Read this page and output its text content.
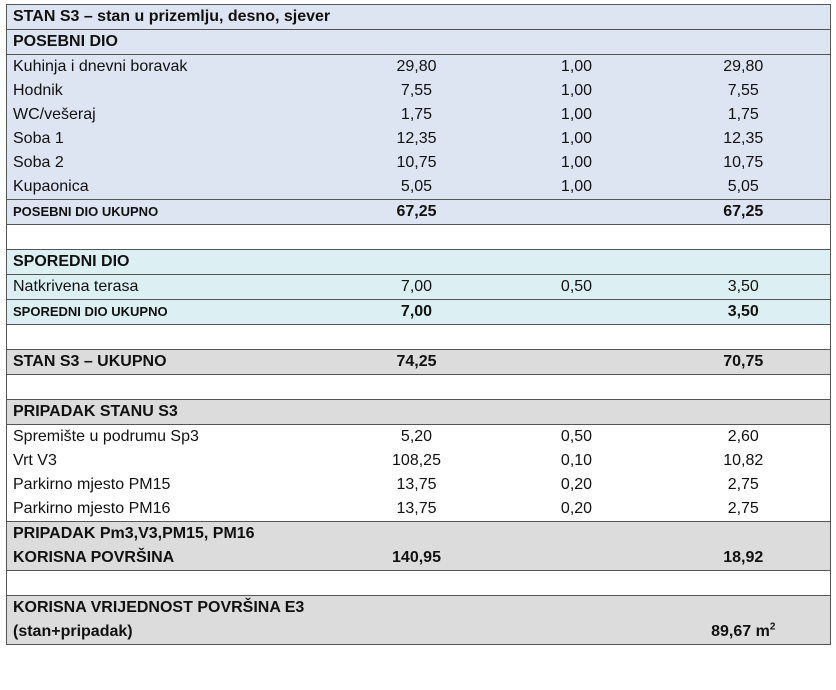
STAN S3 – stan u prizemlju, desno, sjever			
POSEBNI DIO			
Kuhinja i dnevni boravak	29,80	1,00	29,80
Hodnik	7,55	1,00	7,55
WC/vešeraj	1,75	1,00	1,75
Soba 1	12,35	1,00	12,35
Soba 2	10,75	1,00	10,75
Kupaonica	5,05	1,00	5,05
POSEBNI DIO UKUPNO	67,25		67,25

SPOREDNI DIO			
Natkrivena terasa	7,00	0,50	3,50
SPOREDNI DIO UKUPNO	7,00		3,50

STAN S3 – UKUPNO	74,25		70,75

PRIPADAK STANU S3			
Spremište u podrumu Sp3	5,20	0,50	2,60
Vrt V3	108,25	0,10	10,82
Parkirno mjesto PM15	13,75	0,20	2,75
Parkirno mjesto PM16	13,75	0,20	2,75
PRIPADAK Pm3,V3,PM15, PM16			
KORISNA POVRŠINA	140,95		18,92

KORISNA VRIJEDNOST POVRŠINA E3			
(stan+pripadak)			89,67 $m^2$
